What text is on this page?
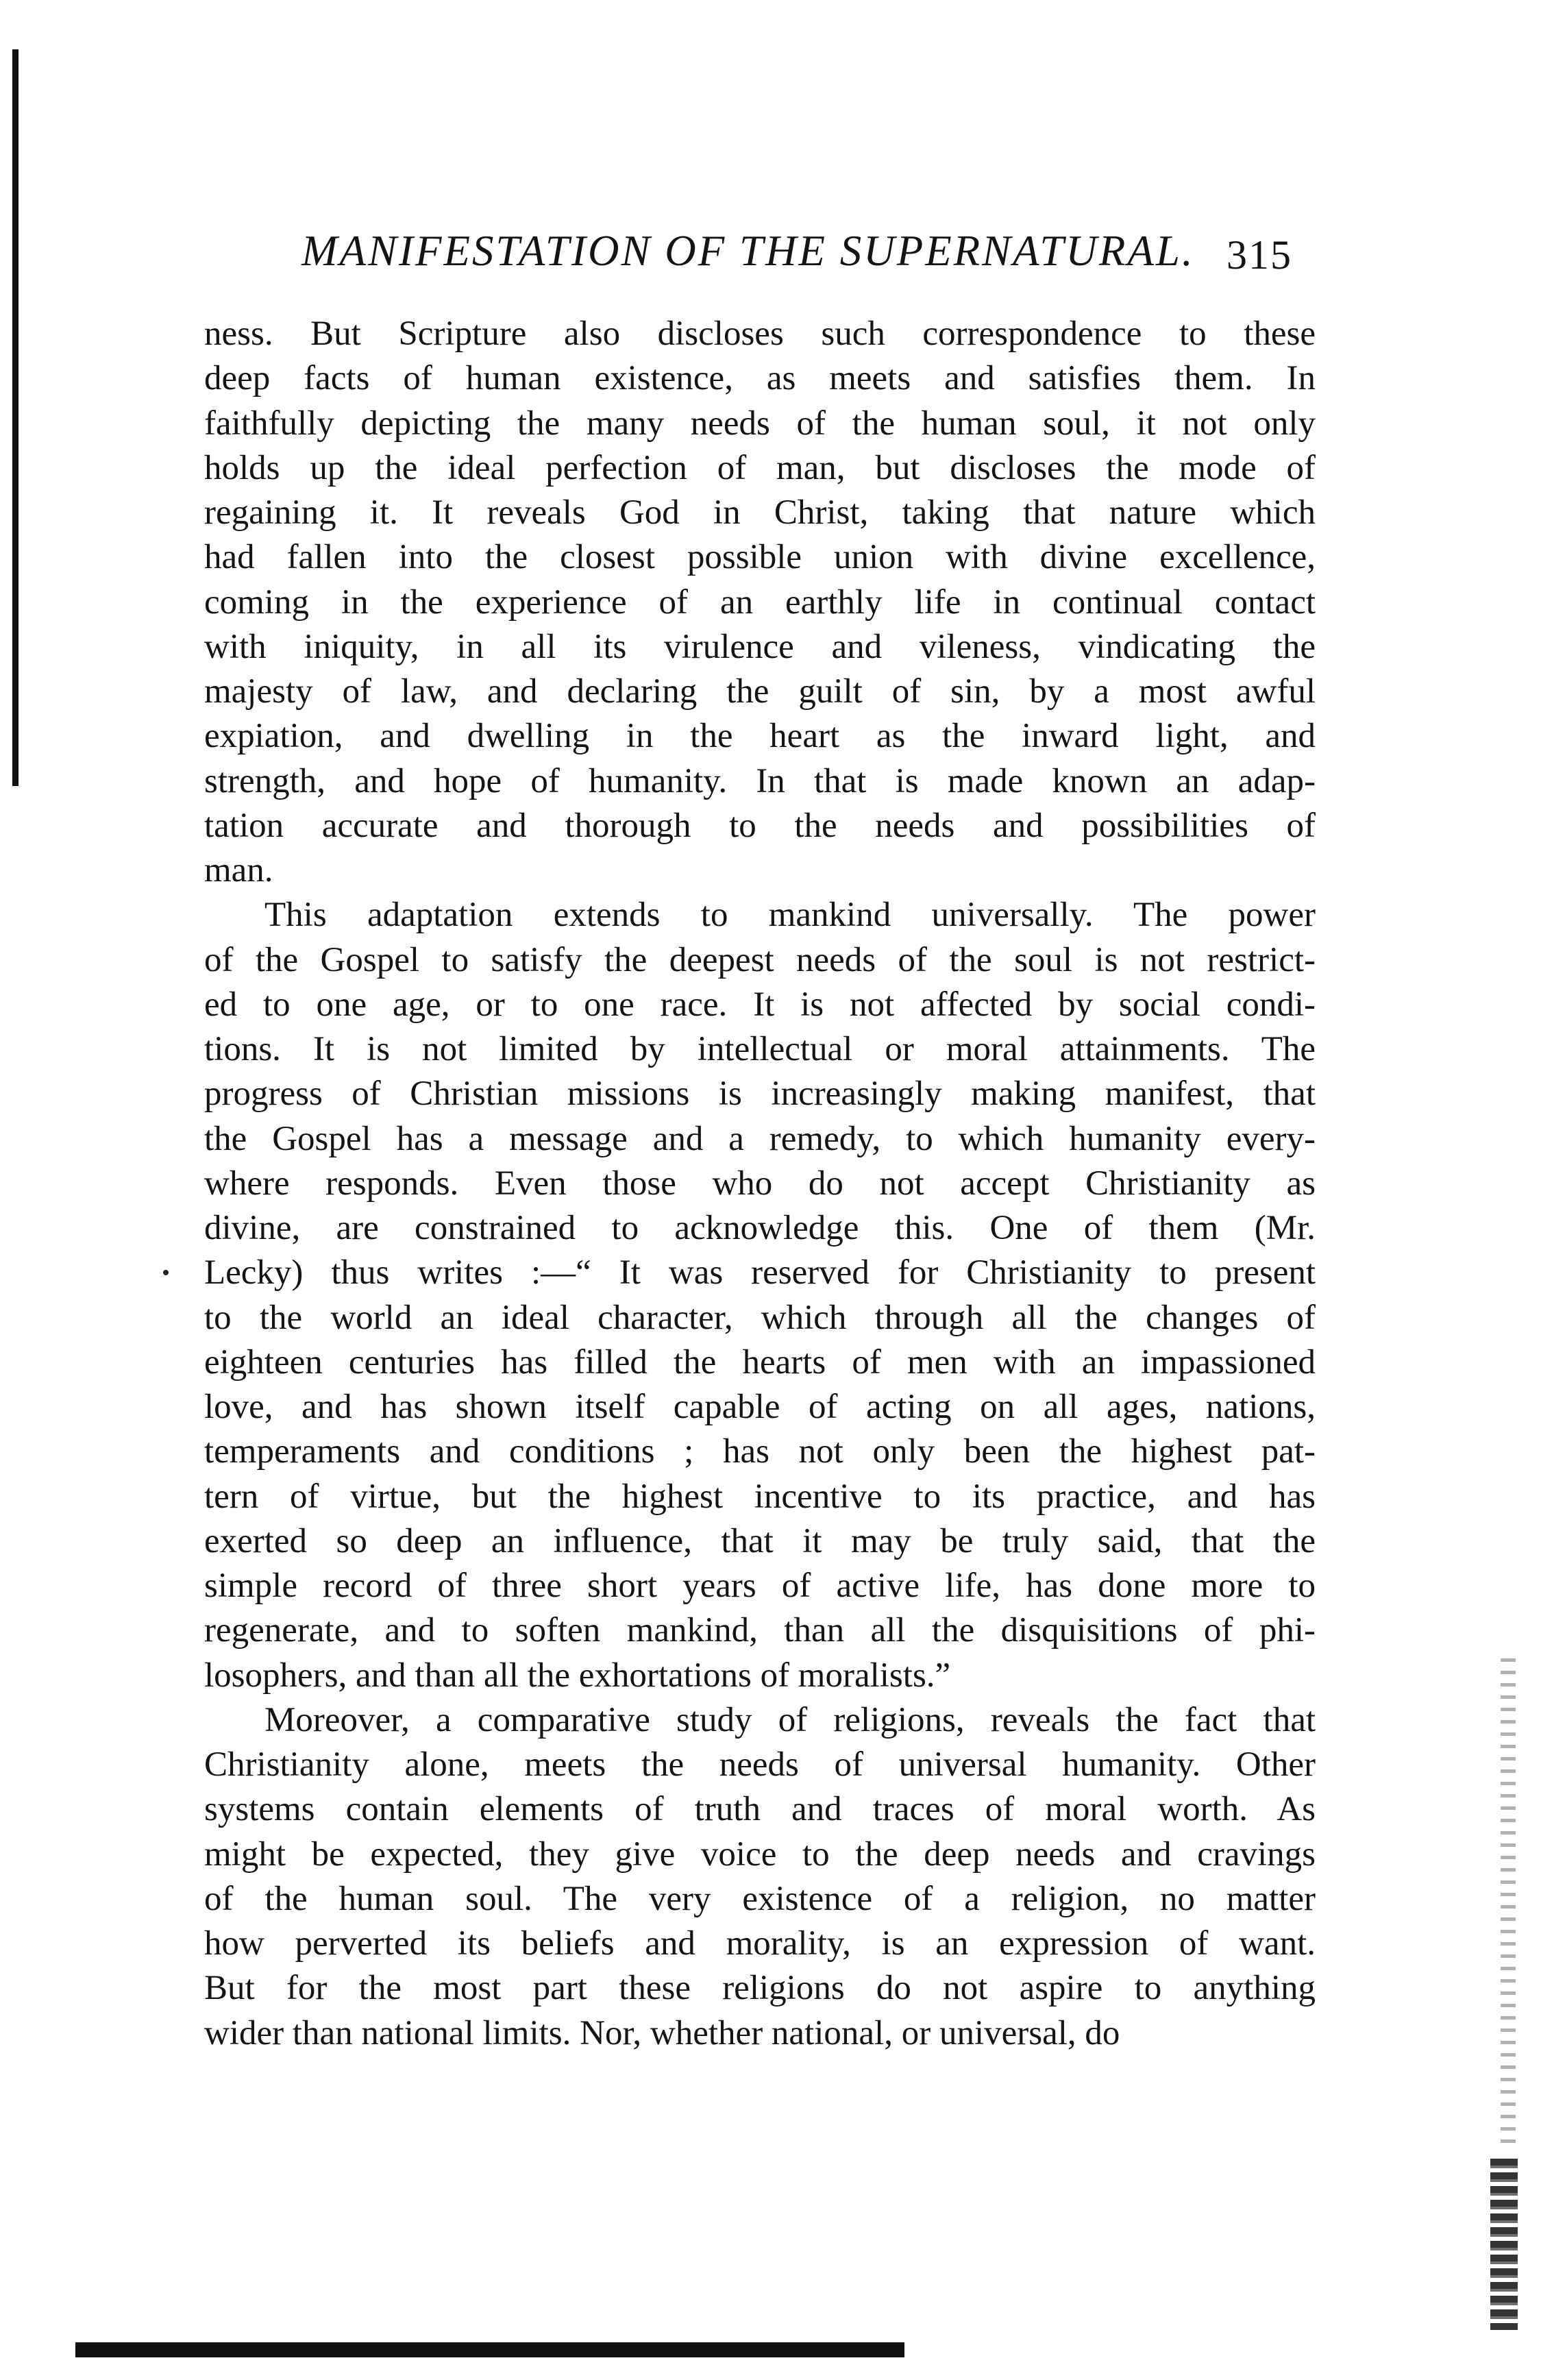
MANIFESTATION OF THE SUPERNATURAL. 315
ness. But Scripture also discloses such correspondence to these
deep facts of human existence, as meets and satisfies them. In
faithfully depicting the many needs of the human soul, it not only
holds up the ideal perfection of man, but discloses the mode of
regaining it. It reveals God in Christ, taking that nature which
had fallen into the closest possible union with divine excellence,
coming in the experience of an earthly life in continual contact
with iniquity, in all its virulence and vileness, vindicating the
majesty of law, and declaring the guilt of sin, by a most awful
expiation, and dwelling in the heart as the inward light, and
strength, and hope of humanity. In that is made known an adap-
tation accurate and thorough to the needs and possibilities of
man.
This adaptation extends to mankind universally. The power
of the Gospel to satisfy the deepest needs of the soul is not restrict-
ed to one age, or to one race. It is not affected by social condi-
tions. It is not limited by intellectual or moral attainments. The
progress of Christian missions is increasingly making manifest, that
the Gospel has a message and a remedy, to which humanity every-
where responds. Even those who do not accept Christianity as
divine, are constrained to acknowledge this. One of them (Mr.
Lecky) thus writes :—“ It was reserved for Christianity to present
to the world an ideal character, which through all the changes of
eighteen centuries has filled the hearts of men with an impassioned
love, and has shown itself capable of acting on all ages, nations,
temperaments and conditions ; has not only been the highest pat-
tern of virtue, but the highest incentive to its practice, and has
exerted so deep an influence, that it may be truly said, that the
simple record of three short years of active life, has done more to
regenerate, and to soften mankind, than all the disquisitions of phi-
losophers, and than all the exhortations of moralists.”
Moreover, a comparative study of religions, reveals the fact that
Christianity alone, meets the needs of universal humanity. Other
systems contain elements of truth and traces of moral worth. As
might be expected, they give voice to the deep needs and cravings
of the human soul. The very existence of a religion, no matter
how perverted its beliefs and morality, is an expression of want.
But for the most part these religions do not aspire to anything
wider than national limits. Nor, whether national, or universal, do
